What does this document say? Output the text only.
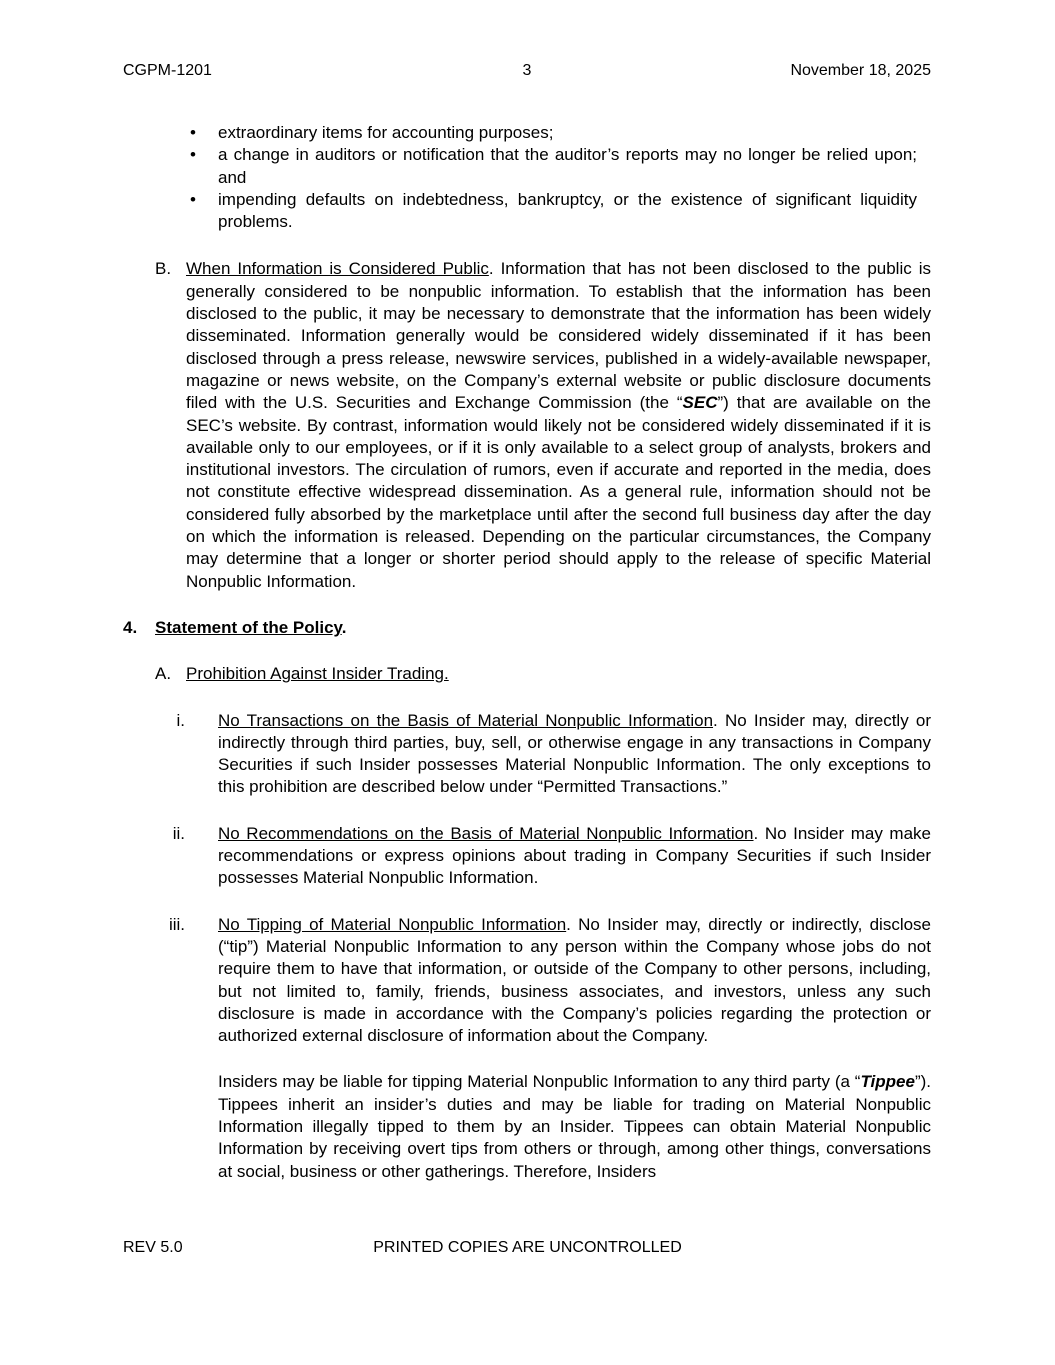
CGPM-1201	3	November 18, 2025
•
extraordinary items for accounting purposes;
•
a change in auditors or notification that the auditor’s reports may no longer be relied upon; and
•
impending defaults on indebtedness, bankruptcy, or the existence of significant liquidity problems.
B. When Information is Considered Public. Information that has not been disclosed to the public is generally considered to be nonpublic information. To establish that the information has been disclosed to the public, it may be necessary to demonstrate that the information has been widely disseminated. Information generally would be considered widely disseminated if it has been disclosed through a press release, newswire services, published in a widely-available newspaper, magazine or news website, on the Company’s external website or public disclosure documents filed with the U.S. Securities and Exchange Commission (the “SEC”) that are available on the SEC’s website. By contrast, information would likely not be considered widely disseminated if it is available only to our employees, or if it is only available to a select group of analysts, brokers and institutional investors. The circulation of rumors, even if accurate and reported in the media, does not constitute effective widespread dissemination. As a general rule, information should not be considered fully absorbed by the marketplace until after the second full business day after the day on which the information is released. Depending on the particular circumstances, the Company may determine that a longer or shorter period should apply to the release of specific Material Nonpublic Information.
4.	Statement of the Policy.
A. Prohibition Against Insider Trading.
i.	No Transactions on the Basis of Material Nonpublic Information. No Insider may, directly or indirectly through third parties, buy, sell, or otherwise engage in any transactions in Company Securities if such Insider possesses Material Nonpublic Information. The only exceptions to this prohibition are described below under “Permitted Transactions.”
ii.	No Recommendations on the Basis of Material Nonpublic Information. No Insider may make recommendations or express opinions about trading in Company Securities if such Insider possesses Material Nonpublic Information.
iii.	No Tipping of Material Nonpublic Information. No Insider may, directly or indirectly, disclose (“tip”) Material Nonpublic Information to any person within the Company whose jobs do not require them to have that information, or outside of the Company to other persons, including, but not limited to, family, friends, business associates, and investors, unless any such disclosure is made in accordance with the Company’s policies regarding the protection or authorized external disclosure of information about the Company.
Insiders may be liable for tipping Material Nonpublic Information to any third party (a “Tippee”). Tippees inherit an insider’s duties and may be liable for trading on Material Nonpublic Information illegally tipped to them by an Insider. Tippees can obtain Material Nonpublic Information by receiving overt tips from others or through, among other things, conversations at social, business or other gatherings. Therefore, Insiders
REV 5.0	PRINTED COPIES ARE UNCONTROLLED
